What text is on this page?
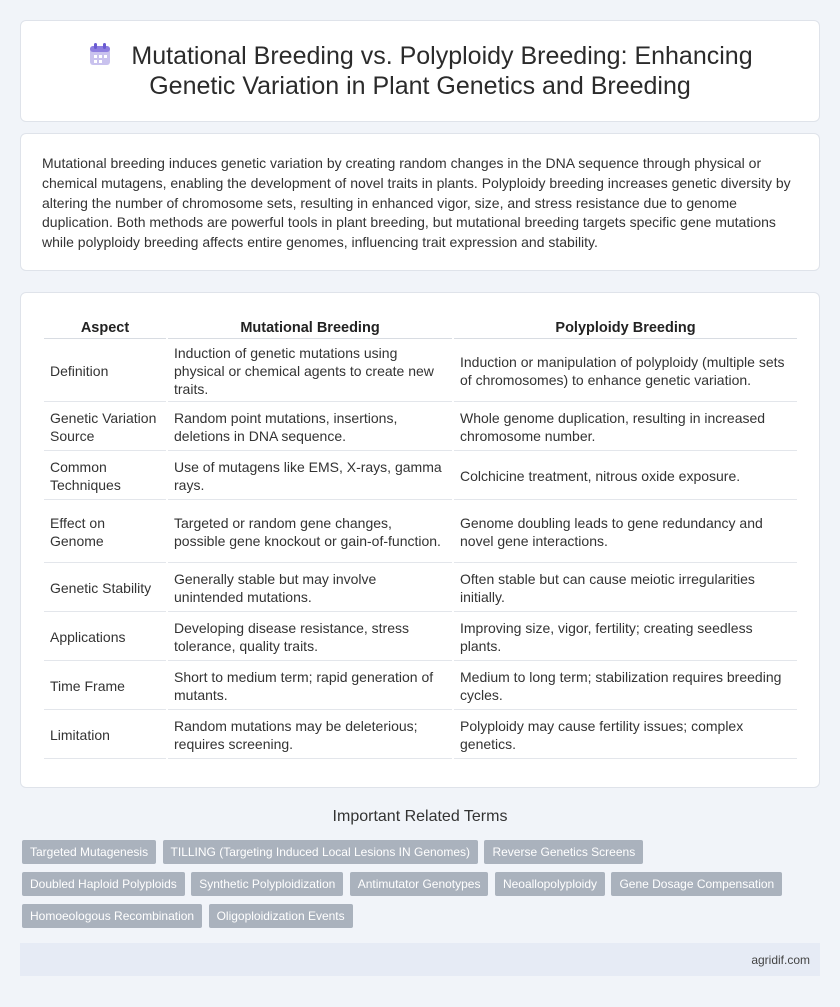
Mutational Breeding vs. Polyploidy Breeding: Enhancing Genetic Variation in Plant Genetics and Breeding

Mutational breeding induces genetic variation by creating random changes in the DNA sequence through physical or chemical mutagens, enabling the development of novel traits in plants. Polyploidy breeding increases genetic diversity by altering the number of chromosome sets, resulting in enhanced vigor, size, and stress resistance due to genome duplication. Both methods are powerful tools in plant breeding, but mutational breeding targets specific gene mutations while polyploidy breeding affects entire genomes, influencing trait expression and stability.

Aspect	Mutational Breeding	Polyploidy Breeding
Definition	Induction of genetic mutations using physical or chemical agents to create new traits.	Induction or manipulation of polyploidy (multiple sets of chromosomes) to enhance genetic variation.
Genetic Variation Source	Random point mutations, insertions, deletions in DNA sequence.	Whole genome duplication, resulting in increased chromosome number.
Common Techniques	Use of mutagens like EMS, X-rays, gamma rays.	Colchicine treatment, nitrous oxide exposure.
Effect on Genome	Targeted or random gene changes, possible gene knockout or gain-of-function.	Genome doubling leads to gene redundancy and novel gene interactions.
Genetic Stability	Generally stable but may involve unintended mutations.	Often stable but can cause meiotic irregularities initially.
Applications	Developing disease resistance, stress tolerance, quality traits.	Improving size, vigor, fertility; creating seedless plants.
Time Frame	Short to medium term; rapid generation of mutants.	Medium to long term; stabilization requires breeding cycles.
Limitation	Random mutations may be deleterious; requires screening.	Polyploidy may cause fertility issues; complex genetics.
Important Related Terms
Targeted Mutagenesis TILLING (Targeting Induced Local Lesions IN Genomes) Reverse Genetics Screens Doubled Haploid Polyploids Synthetic Polyploidization Antimutator Genotypes Neoallopolyploidy Gene Dosage Compensation Homoeologous Recombination Oligoploidization Events
agridif.com
